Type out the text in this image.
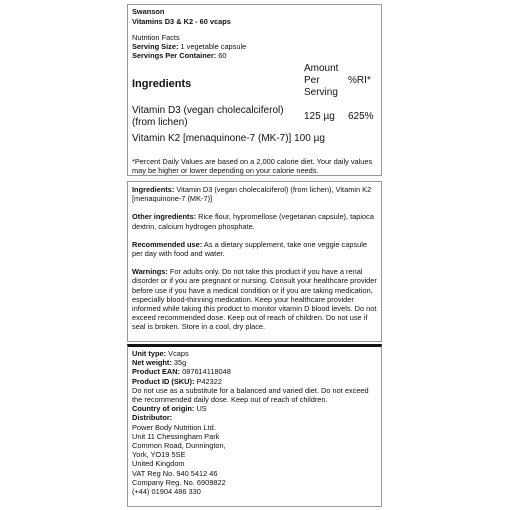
Swanson
Vitamins D3 & K2 - 60 vcaps
Nutrition Facts
Serving Size: 1 vegetable capsule
Servings Per Container: 60
Ingredients
Amount Per Serving
%RI*
Vitamin D3 (vegan cholecalciferol) (from lichen)
125 µg 625%
Vitamin K2 [menaquinone-7 (MK-7)] 100 µg
*Percent Daily Values are based on a 2,000 calorie diet. Your daily values may be higher or lower depending on your calorie needs.
Ingredients: Vitamin D3 (vegan cholecalciferol) (from lichen), Vitamin K2 [menaquinone-7 (MK-7)]
Other ingredients: Rice flour, hypromellose (vegetarian capsule), tapioca dextrin, calcium hydrogen phosphate.
Recommended use: As a dietary supplement, take one veggie capsule per day with food and water.
Warnings: For adults only. Do not take this product if you have a renal disorder or if you are pregnant or nursing. Consult your healthcare provider before use if you have a medical condition or if you are taking medication, especially blood-thinning medication. Keep your healthcare provider informed while taking this product to monitor vitamin D blood levels. Do not exceed recommended dose. Keep out of reach of children. Do not use if seal is broken. Store in a cool, dry place.
Unit type: Vcaps
Net weight: 35g
Product EAN: 087614118048
Product ID (SKU): P42322
Do not use as a substitute for a balanced and varied diet. Do not exceed the recommended daily dose. Keep out of reach of children.
Country of origin: US
Distributor:
Power Body Nutrition Ltd.
Unit 11 Chessingham Park
Common Road, Dunnington,
York, YO19 5SE
United Kingdom
VAT Reg No. 940 5412 46
Company Reg. No. 6909822
(+44) 01904 486 330
